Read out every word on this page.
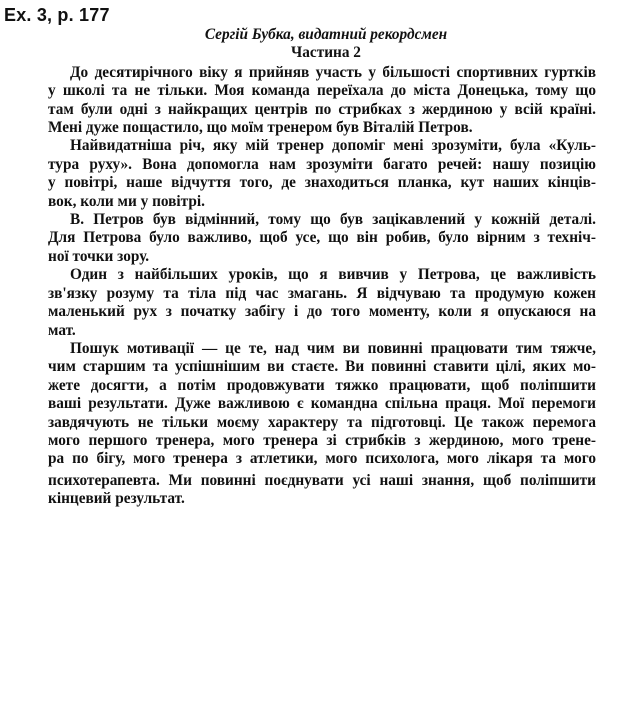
Ex. 3, p. 177
Сергій Бубка, видатний рекордсмен
Частина 2
До десятирічного віку я прийняв участь у більшості спортивних гуртків
у школі та не тільки. Моя команда переїхала до міста Донецька, тому що
там були одні з найкращих центрів по стрибках з жердиною у всій країні.
Мені дуже пощастило, що моїм тренером був Віталій Петров.
Найвидатніша річ, яку мій тренер допоміг мені зрозуміти, була «Куль-
тура руху». Вона допомогла нам зрозуміти багато речей: нашу позицію
у повітрі, наше відчуття того, де знаходиться планка, кут наших кінців-
вок, коли ми у повітрі.
В. Петров був відмінний, тому що був зацікавлений у кожній деталі.
Для Петрова було важливо, щоб усе, що він робив, було вірним з техніч-
ної точки зору.
Один з найбільших уроків, що я вивчив у Петрова, це важливість
зв'язку розуму та тіла під час змагань. Я відчуваю та продумую кожен
маленький рух з початку забігу і до того моменту, коли я опускаюся на
мат.
Пошук мотивації — це те, над чим ви повинні працювати тим тяжче,
чим старшим та успішнішим ви стаєте. Ви повинні ставити цілі, яких мо-
жете досягти, а потім продовжувати тяжко працювати, щоб поліпшити
ваші результати. Дуже важливою є командна спільна праця. Мої перемоги
завдячують не тільки моєму характеру та підготовці. Це також перемога
мого першого тренера, мого тренера зі стрибків з жердиною, мого трене-
ра по бігу, мого тренера з атлетики, мого психолога, мого лікаря та мого
психотерапевта. Ми повинні поєднувати усі наші знання, щоб поліпшити
кінцевий результат.
